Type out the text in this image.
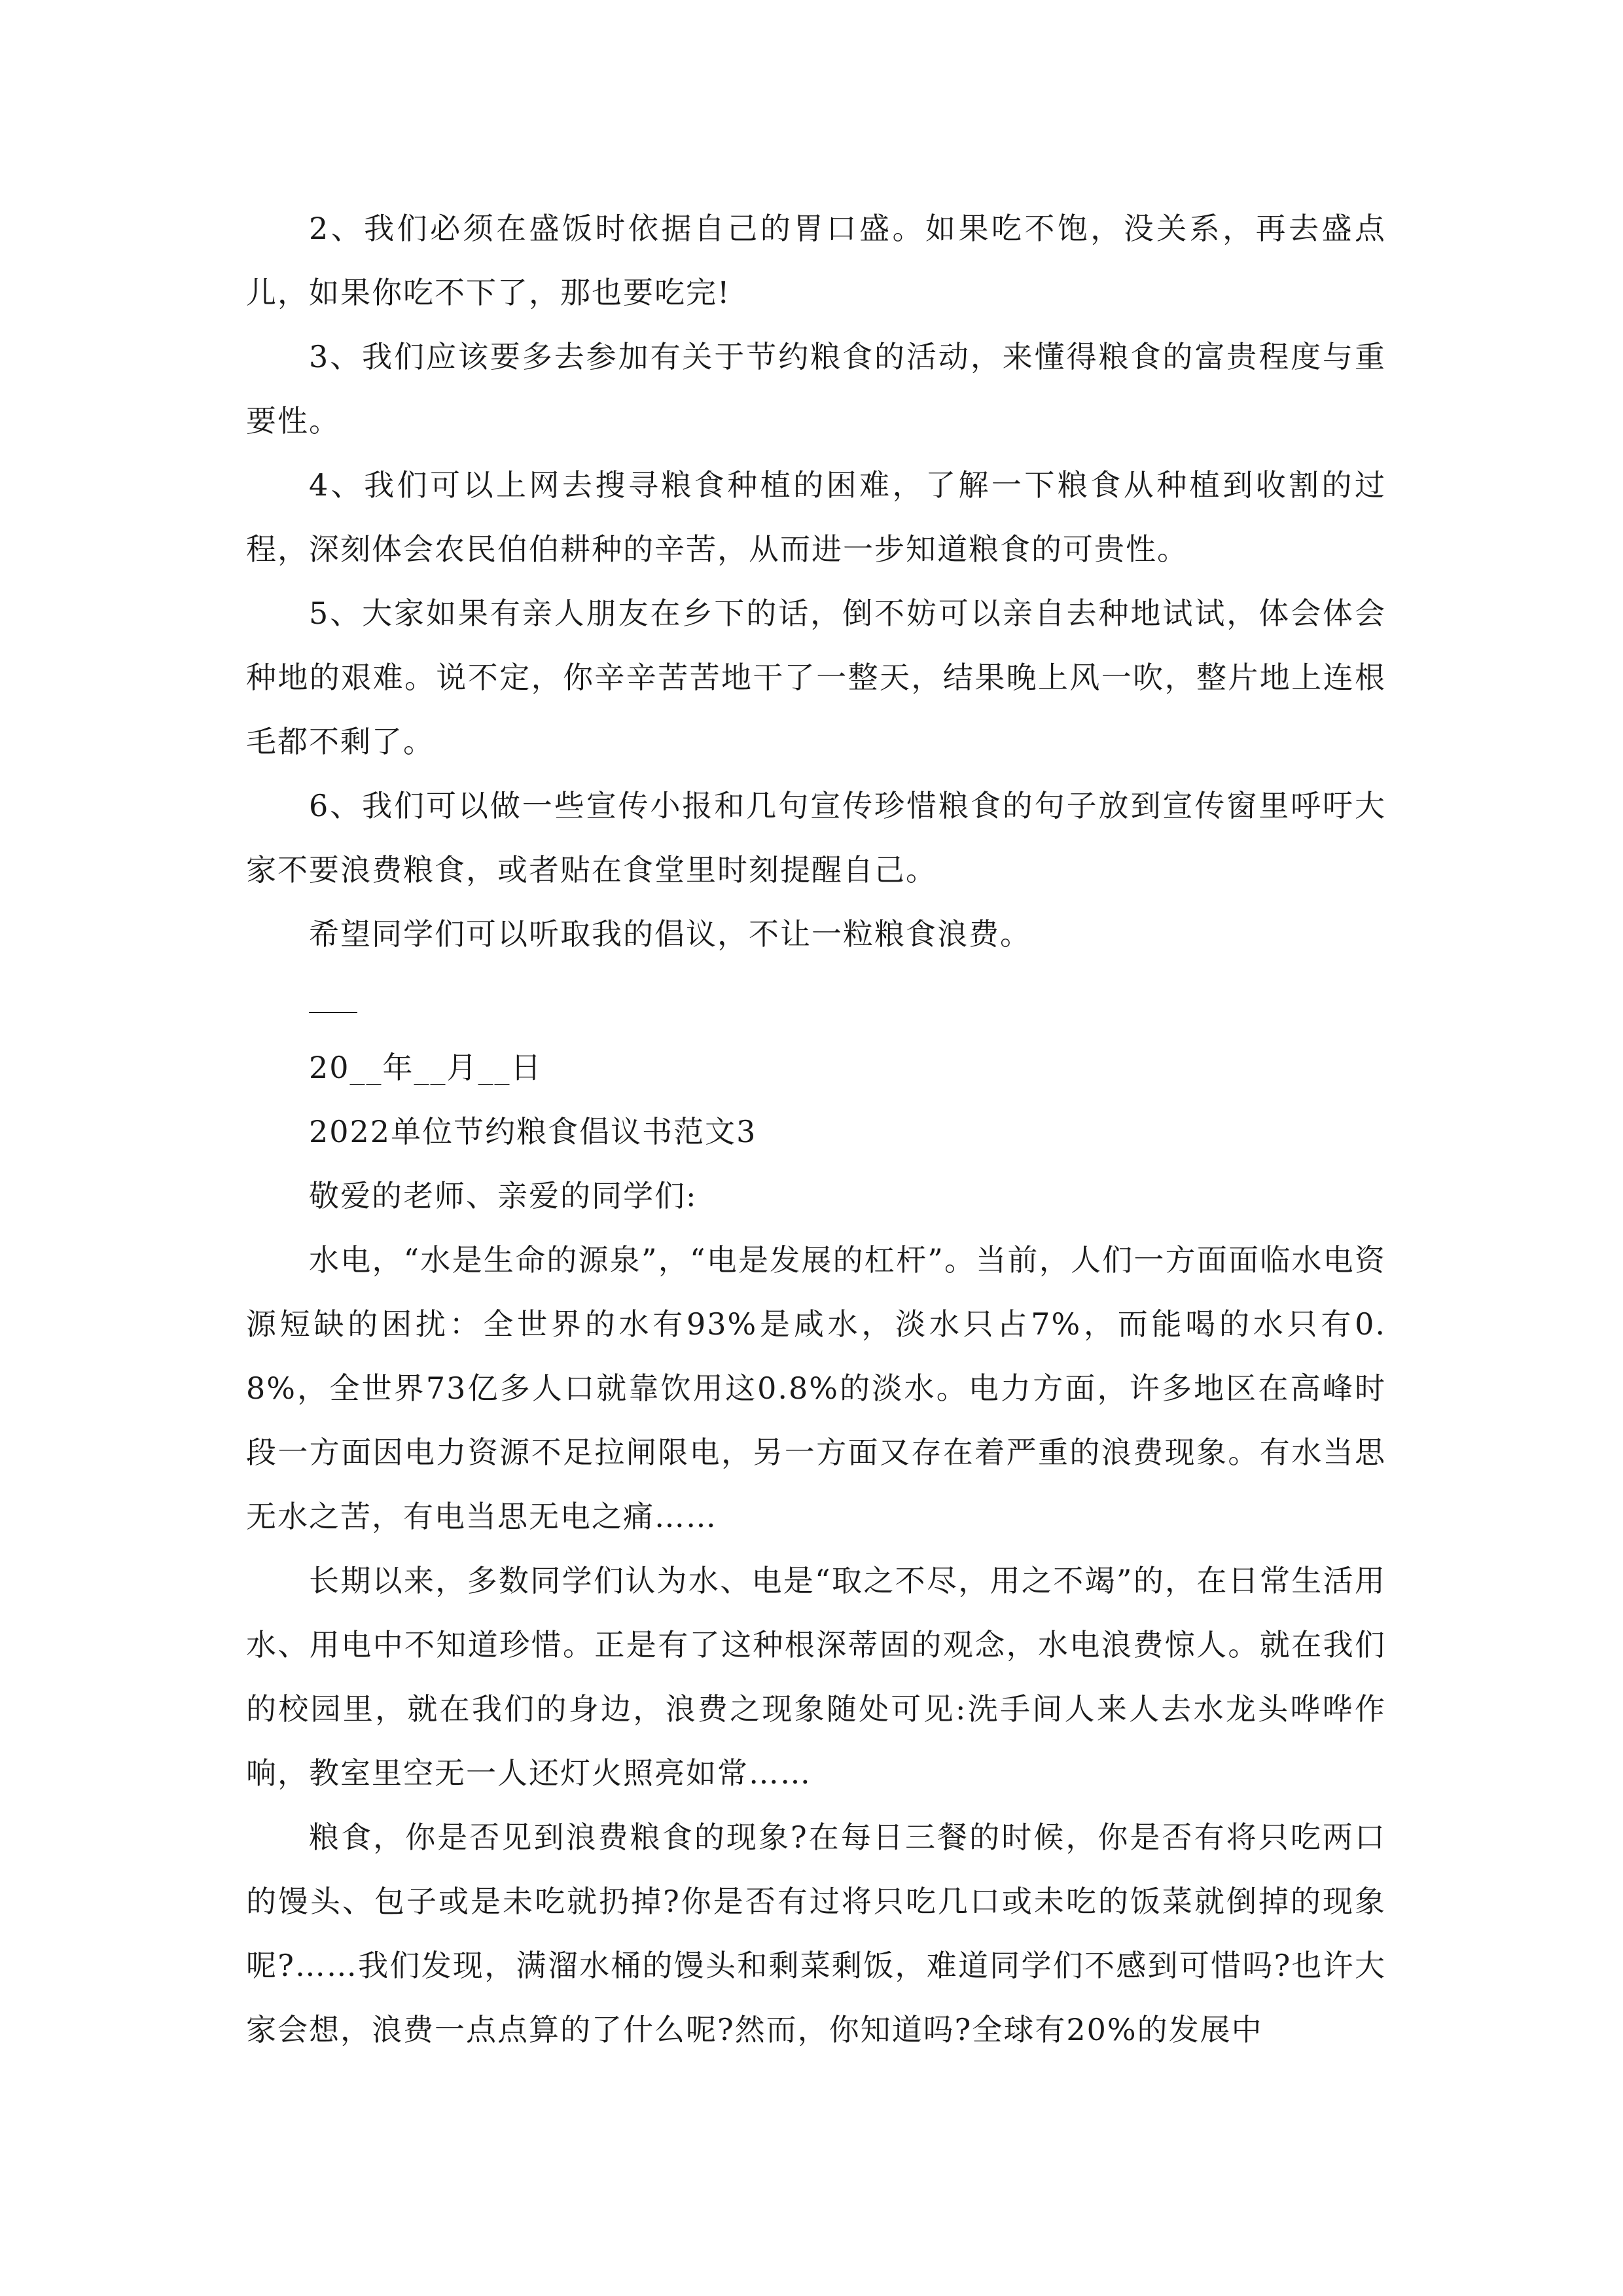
2、我们必须在盛饭时依据自己的胃口盛。如果吃不饱，没关系，再去盛点儿，如果你吃不下了，那也要吃完!

3、我们应该要多去参加有关于节约粮食的活动，来懂得粮食的富贵程度与重要性。

4、我们可以上网去搜寻粮食种植的困难，了解一下粮食从种植到收割的过程，深刻体会农民伯伯耕种的辛苦，从而进一步知道粮食的可贵性。

5、大家如果有亲人朋友在乡下的话，倒不妨可以亲自去种地试试，体会体会种地的艰难。说不定，你辛辛苦苦地干了一整天，结果晚上风一吹，整片地上连根毛都不剩了。

6、我们可以做一些宣传小报和几句宣传珍惜粮食的句子放到宣传窗里呼吁大家不要浪费粮食，或者贴在食堂里时刻提醒自己。

希望同学们可以听取我的倡议，不让一粒粮食浪费。

20__年__月__日

2022单位节约粮食倡议书范文3

敬爱的老师、亲爱的同学们:

水电，“水是生命的源泉”，“电是发展的杠杆”。当前，人们一方面面临水电资源短缺的困扰：全世界的水有93%是咸水，淡水只占7%，而能喝的水只有0.8%，全世界73亿多人口就靠饮用这0.8%的淡水。电力方面，许多地区在高峰时段一方面因电力资源不足拉闸限电，另一方面又存在着严重的浪费现象。有水当思无水之苦，有电当思无电之痛……

长期以来，多数同学们认为水、电是“取之不尽，用之不竭”的，在日常生活用水、用电中不知道珍惜。正是有了这种根深蒂固的观念，水电浪费惊人。就在我们的校园里，就在我们的身边，浪费之现象随处可见:洗手间人来人去水龙头哗哗作响，教室里空无一人还灯火照亮如常……

粮食，你是否见到浪费粮食的现象?在每日三餐的时候，你是否有将只吃两口的馒头、包子或是未吃就扔掉?你是否有过将只吃几口或未吃的饭菜就倒掉的现象呢?……我们发现，满溜水桶的馒头和剩菜剩饭，难道同学们不感到可惜吗?也许大家会想，浪费一点点算的了什么呢?然而，你知道吗?全球有20%的发展中
